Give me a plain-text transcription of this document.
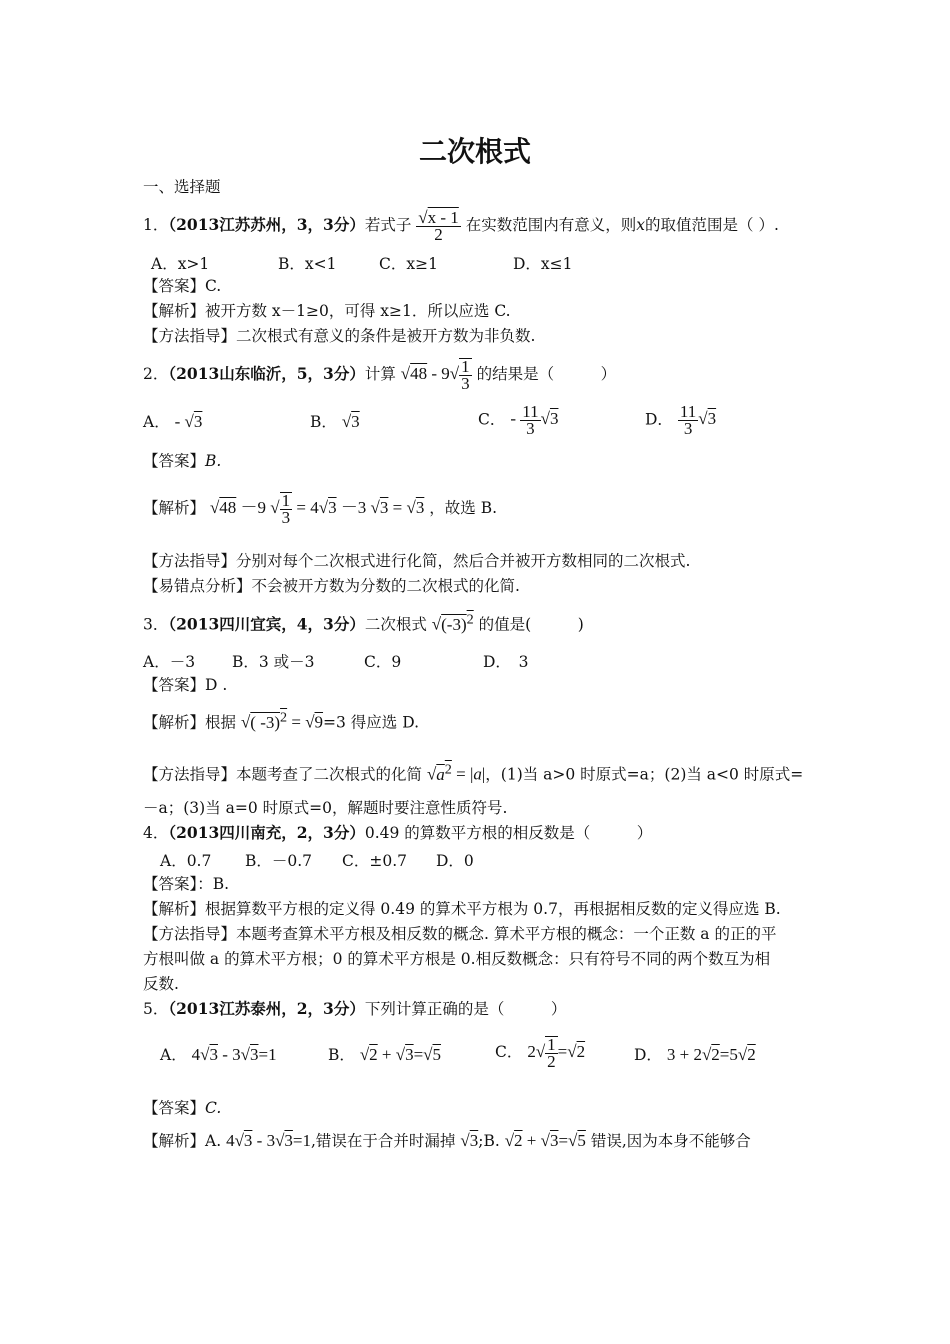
二次根式
一、选择题
1．（2013江苏苏州，3，3分）若式子 $\frac{√x - 1}{2}$ 在实数范围内有意义，则x的取值范围是（ ）.
A．x>1	B．x<1	C．x≥1	D．x≤1
【答案】C.
【解析】被开方数 x－1≥0，可得 x≥1．所以应选 C.
【方法指导】二次根式有意义的条件是被开方数为非负数.
2．（2013山东临沂，5，3分）计算 $√48 - 9√ \frac{1}{3}$ 的结果是（　　　）
A． - √3	B． √3	C． - $\frac{11}{3} √3$	D． $\frac{11}{3} √3$
【答案】B.
【解析】 √48 －9 √ $\frac{1}{3} = 4√3 -3$ √3 = √3 ，故选 B.
【方法指导】分别对每个二次根式进行化简，然后合并被开方数相同的二次根式.
【易错点分析】不会被开方数为分数的二次根式的化简.
3．（2013四川宜宾，4，3分）二次根式 $√(-3)^2$ 的值是(　　　)
A．－3 B．3 或－3	C．9	D．　3
【答案】D .
【解析】根据 √( -3)$^2$ = √9=3 得应选 D.
【方法指导】本题考查了二次根式的化简 $√a^2 = |a|$，(1)当 a>0 时原式=a；(2)当 a<0 时原式=
－a；(3)当 a=0 时原式=0，解题时要注意性质符号.
4．（2013四川南充，2，3分）0.49 的算数平方根的相反数是（　　　）
A．0.7 B．－0.7 C．±0.7 D．0
【答案】：B.
【解析】根据算数平方根的定义得 0.49 的算术平方根为 0.7，再根据相反数的定义得应选 B.
【方法指导】本题考查算术平方根及相反数的概念. 算术平方根的概念：一个正数 a 的正的平
方根叫做 a 的算术平方根；0 的算术平方根是 0.相反数概念：只有符号不同的两个数互为相
反数.
5．（2013江苏泰州，2，3分）下列计算正确的是（　　　）
A． 4√3 - 3√3=1	B． √2 + √3=√5	C． $2√ \frac{1}{2} =√2$	D． 3 + 2√2=5√2
【答案】C.
【解析】A. 4√3 - 3√3=1,错误在于合并时漏掉 √3;B. √2 + √3=√5 错误,因为本身不能够合
